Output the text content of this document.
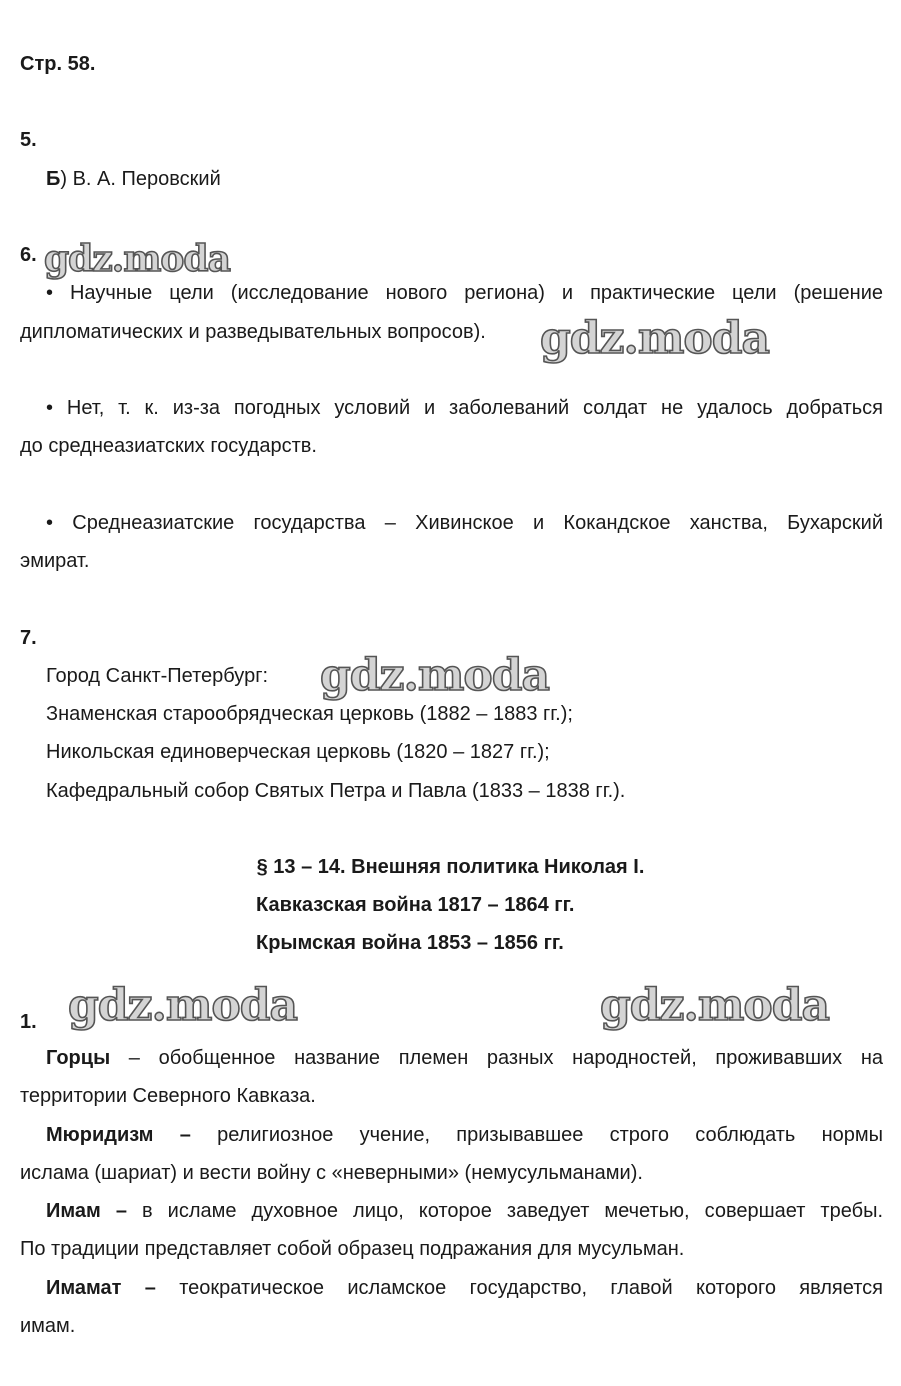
Стр. 58.
5.
Б) В. А. Перовский
6.
• Научные цели (исследование нового региона) и практические цели (решение
дипломатических и разведывательных вопросов).
• Нет, т. к. из-за погодных условий и заболеваний солдат не удалось добраться
до среднеазиатских государств.
• Среднеазиатские государства – Хивинское и Кокандское ханства, Бухарский
эмират.
7.
Город Санкт-Петербург:
Знаменская старообрядческая церковь (1882 – 1883 гг.);
Никольская единоверческая церковь (1820 – 1827 гг.);
Кафедральный собор Святых Петра и Павла (1833 – 1838 гг.).
§ 13 – 14. Внешняя политика Николая I.
Кавказская война 1817 – 1864 гг.
Крымская война 1853 – 1856 гг.
1.
Горцы – обобщенное название племен разных народностей, проживавших на
территории Северного Кавказа.
Мюридизм – религиозное учение, призывавшее строго соблюдать нормы
ислама (шариат) и вести войну с «неверными» (немусульманами).
Имам – в исламе духовное лицо, которое заведует мечетью, совершает требы.
По традиции представляет собой образец подражания для мусульман.
Имамат – теократическое исламское государство, главой которого является
имам.
gdz.moda
gdz.moda
gdz.moda
gdz.moda	gdz.moda
